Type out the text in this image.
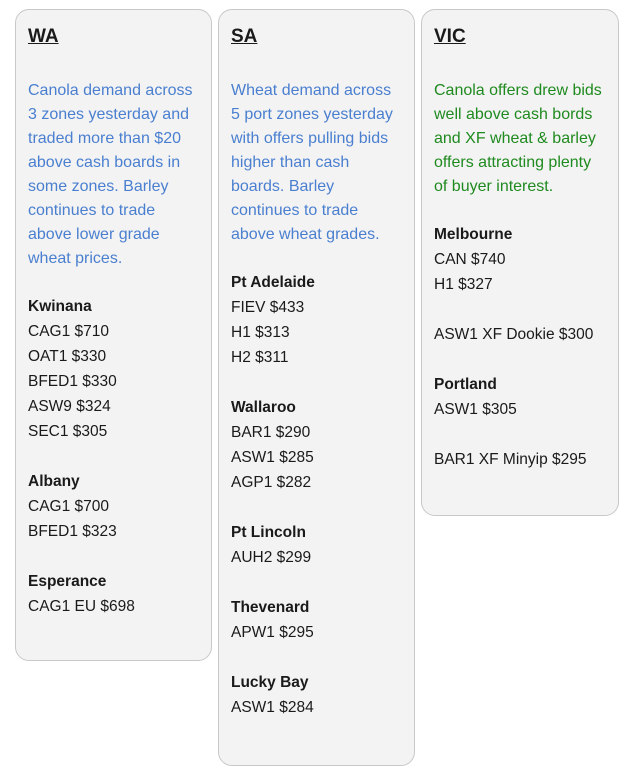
WA
Canola demand across 3 zones yesterday and traded more than $20 above cash boards in some zones. Barley continues to trade above lower grade wheat prices.
Kwinana
CAG1 $710
OAT1 $330
BFED1 $330
ASW9 $324
SEC1 $305
Albany
CAG1 $700
BFED1 $323
Esperance
CAG1 EU $698
SA
Wheat demand across 5 port zones yesterday with offers pulling bids higher than cash boards. Barley continues to trade above wheat grades.
Pt Adelaide
FIEV $433
H1 $313
H2 $311
Wallaroo
BAR1 $290
ASW1 $285
AGP1 $282
Pt Lincoln
AUH2 $299
Thevenard
APW1 $295
Lucky Bay
ASW1 $284
VIC
Canola offers drew bids well above cash bords and XF wheat & barley offers attracting plenty of buyer interest.
Melbourne
CAN $740
H1 $327
ASW1 XF Dookie $300
Portland
ASW1 $305
BAR1 XF Minyip $295
